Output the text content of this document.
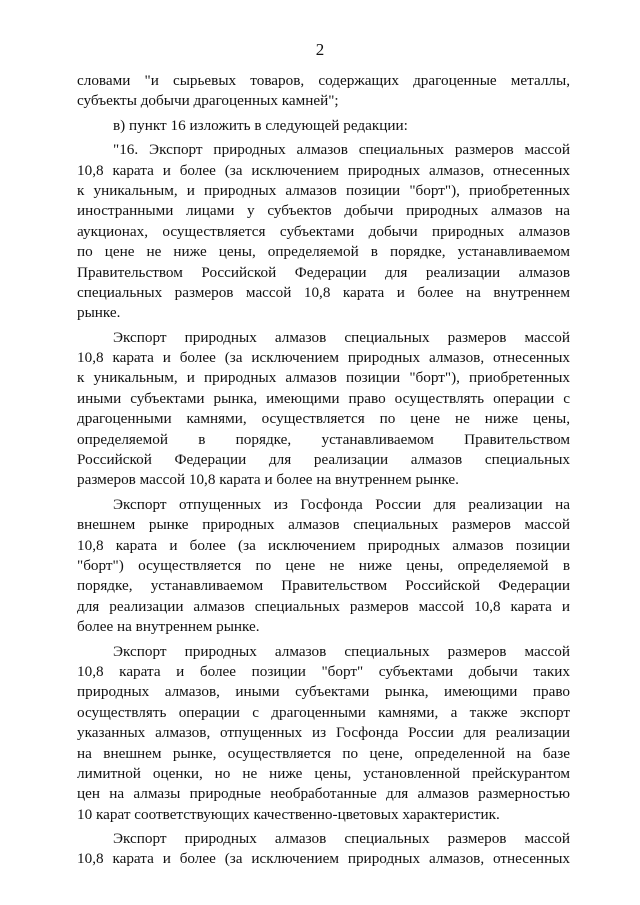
2
словами "и сырьевых товаров, содержащих драгоценные металлы,
субъекты добычи драгоценных камней";
в) пункт 16 изложить в следующей редакции:
"16. Экспорт природных алмазов специальных размеров массой
10,8 карата и более (за исключением природных алмазов, отнесенных
к уникальным, и природных алмазов позиции "борт"), приобретенных
иностранными лицами у субъектов добычи природных алмазов на
аукционах, осуществляется субъектами добычи природных алмазов
по цене не ниже цены, определяемой в порядке, устанавливаемом
Правительством Российской Федерации для реализации алмазов
специальных размеров массой 10,8 карата и более на внутреннем
рынке.
Экспорт природных алмазов специальных размеров массой
10,8 карата и более (за исключением природных алмазов, отнесенных
к уникальным, и природных алмазов позиции "борт"), приобретенных
иными субъектами рынка, имеющими право осуществлять операции с
драгоценными камнями, осуществляется по цене не ниже цены,
определяемой в порядке, устанавливаемом Правительством
Российской Федерации для реализации алмазов специальных
размеров массой 10,8 карата и более на внутреннем рынке.
Экспорт отпущенных из Госфонда России для реализации на
внешнем рынке природных алмазов специальных размеров массой
10,8 карата и более (за исключением природных алмазов позиции
"борт") осуществляется по цене не ниже цены, определяемой в
порядке, устанавливаемом Правительством Российской Федерации
для реализации алмазов специальных размеров массой 10,8 карата и
более на внутреннем рынке.
Экспорт природных алмазов специальных размеров массой
10,8 карата и более позиции "борт" субъектами добычи таких
природных алмазов, иными субъектами рынка, имеющими право
осуществлять операции с драгоценными камнями, а также экспорт
указанных алмазов, отпущенных из Госфонда России для реализации
на внешнем рынке, осуществляется по цене, определенной на базе
лимитной оценки, но не ниже цены, установленной прейскурантом
цен на алмазы природные необработанные для алмазов размерностью
10 карат соответствующих качественно-цветовых характеристик.
Экспорт природных алмазов специальных размеров массой
10,8 карата и более (за исключением природных алмазов, отнесенных
